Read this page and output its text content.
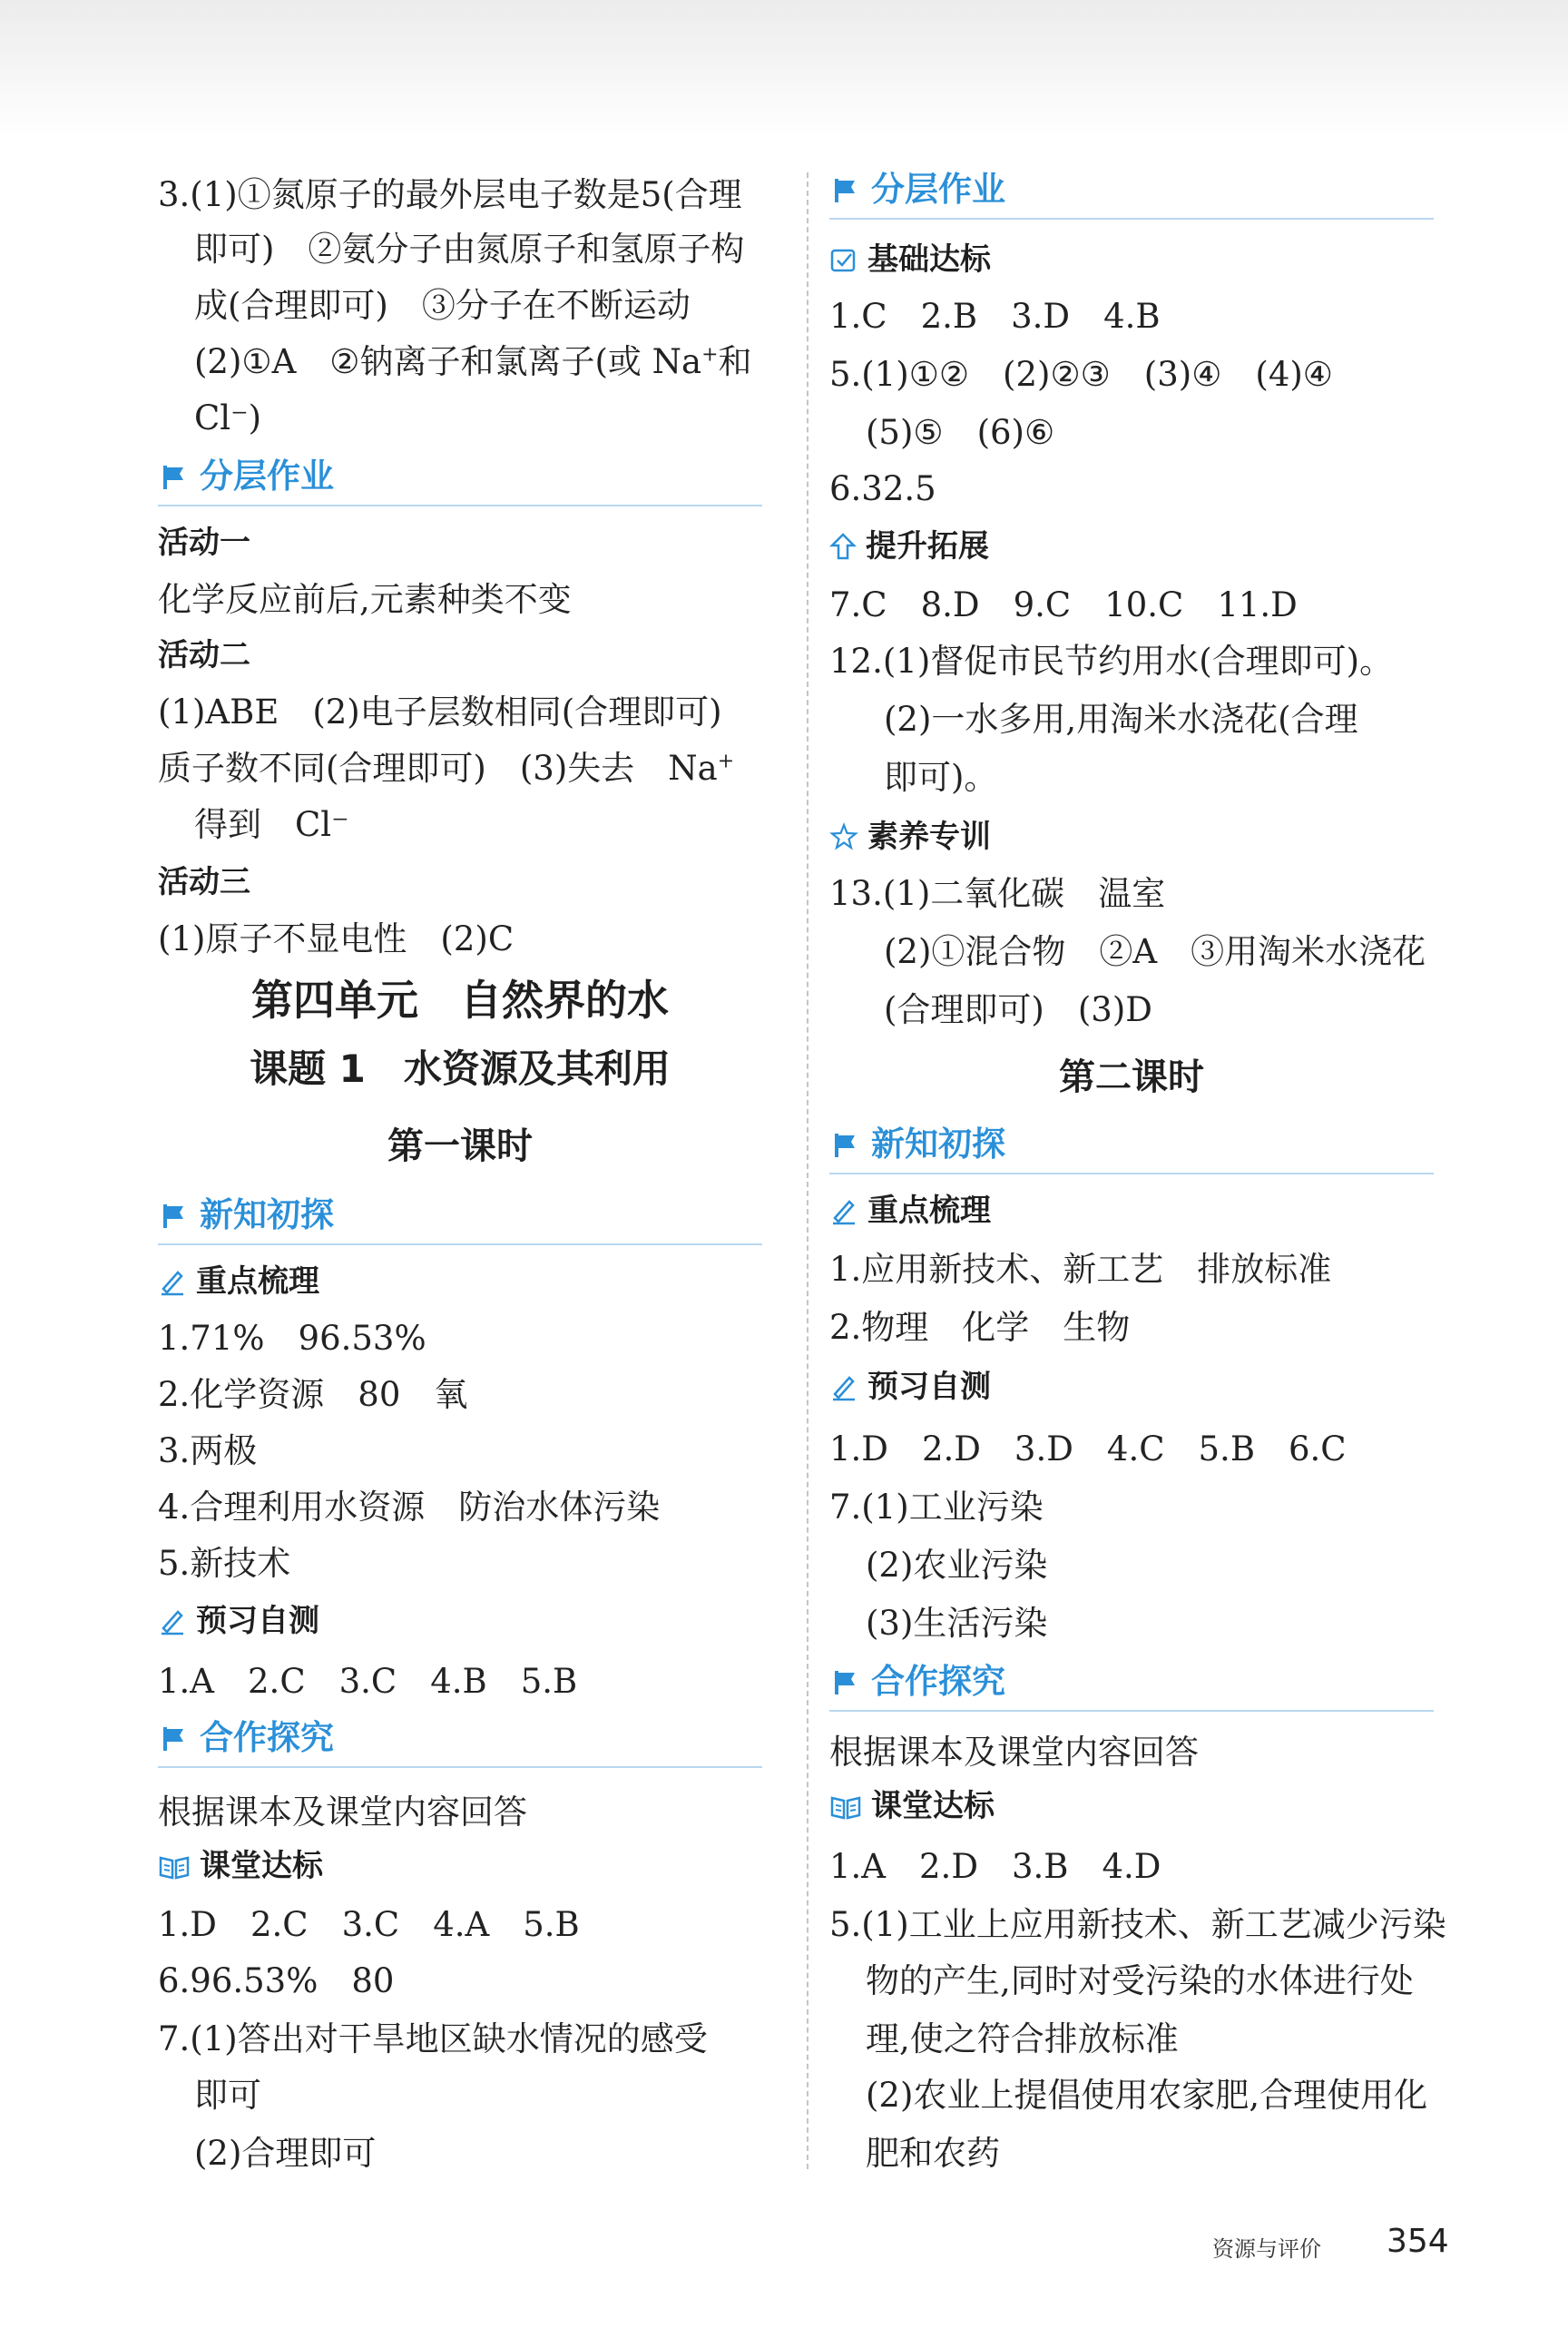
3.(1)①氮原子的最外层电子数是5(合理

即可)　②氨分子由氮原子和氢原子构

成(合理即可)　③分子在不断运动

(2)①A　②钠离子和氯离子(或 Na+和

Cl⁻)

分层作业

活动一

化学反应前后,元素种类不变

活动二

(1)ABE　(2)电子层数相同(合理即可)

质子数不同(合理即可)　(3)失去　Na+

得到　Cl⁻

活动三

(1)原子不显电性　(2)C

第四单元　自然界的水

课题 1　水资源及其利用

第一课时

新知初探

重点梳理

1.71%　96.53%

2.化学资源　80　氧

3.两极

4.合理利用水资源　防治水体污染

5.新技术

预习自测

1.A　2.C　3.C　4.B　5.B

合作探究

根据课本及课堂内容回答

课堂达标

1.D　2.C　3.C　4.A　5.B

6.96.53%　80

7.(1)答出对干旱地区缺水情况的感受

即可

(2)合理即可

分层作业

基础达标

1.C　2.B　3.D　4.B

5.(1)①②　(2)②③　(3)④　(4)④

(5)⑤　(6)⑥

6.32.5

提升拓展

7.C　8.D　9.C　10.C　11.D

12.(1)督促市民节约用水(合理即可)。

(2)一水多用,用淘米水浇花(合理

即可)。

素养专训

13.(1)二氧化碳　温室

(2)①混合物　②A　③用淘米水浇花

(合理即可)　(3)D

第二课时

新知初探

重点梳理

1.应用新技术、新工艺　排放标准

2.物理　化学　生物

预习自测

1.D　2.D　3.D　4.C　5.B　6.C

7.(1)工业污染

(2)农业污染

(3)生活污染

合作探究

根据课本及课堂内容回答

课堂达标

1.A　2.D　3.B　4.D

5.(1)工业上应用新技术、新工艺减少污染

物的产生,同时对受污染的水体进行处

理,使之符合排放标准

(2)农业上提倡使用农家肥,合理使用化

肥和农药

资源与评价 354
